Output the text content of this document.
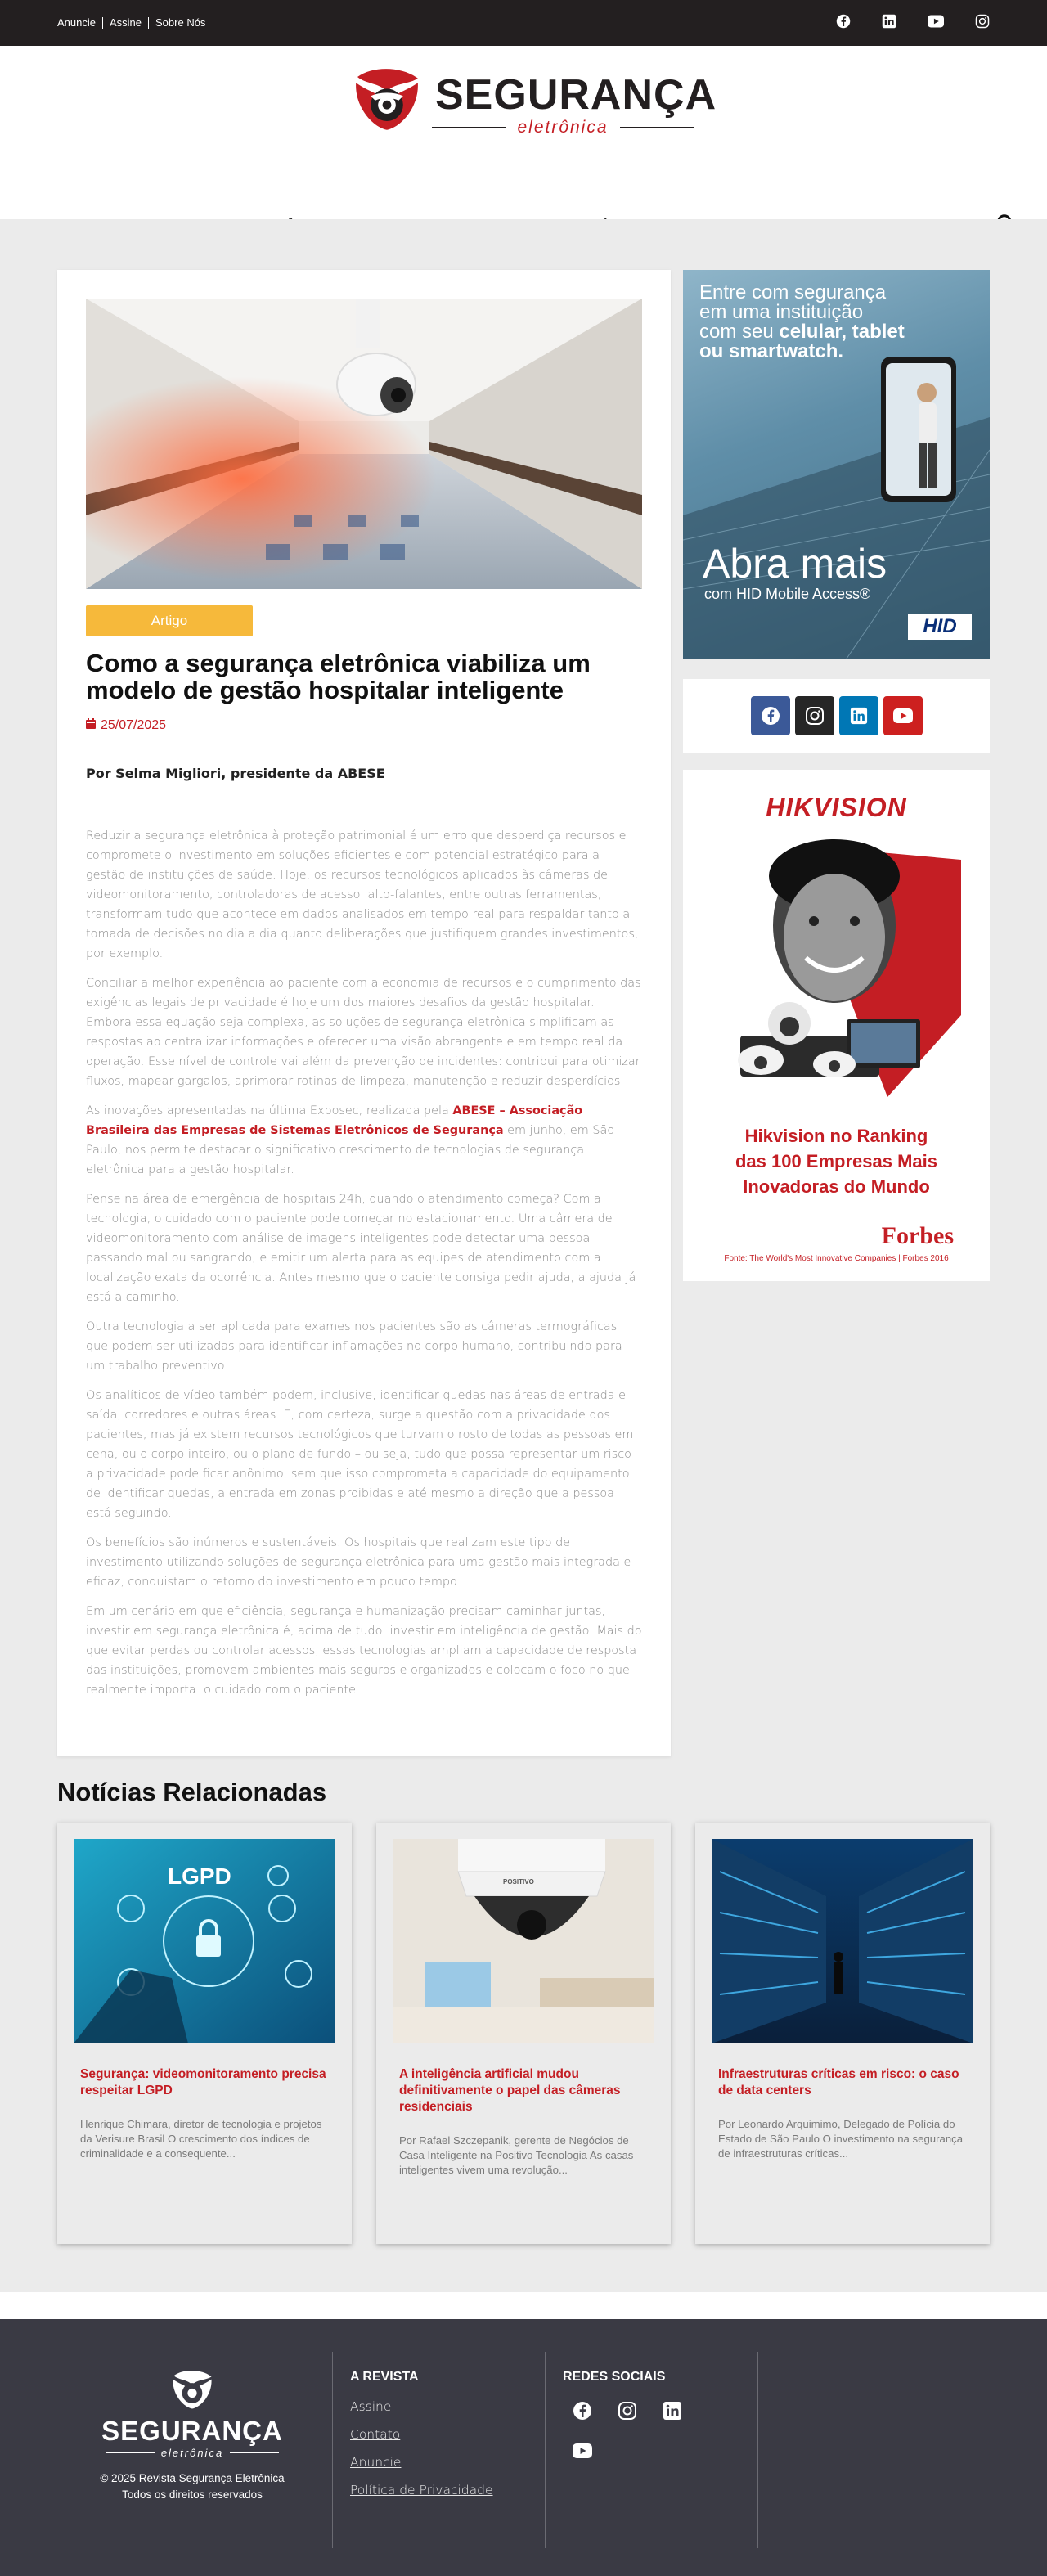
Anuncie	Assine	Sobre Nós
SEGURANÇA
eletrônica
Artigo
Como a segurança eletrônica viabiliza um modelo de gestão hospitalar inteligente
25/07/2025
Por Selma Migliori, presidente da ABESE

Reduzir a segurança eletrônica à proteção patrimonial é um erro que desperdiça recursos e compromete o investimento em soluções eficientes e com potencial estratégico para a gestão de instituições de saúde. Hoje, os recursos tecnológicos aplicados às câmeras de videomonitoramento, controladoras de acesso, alto-falantes, entre outras ferramentas, transformam tudo que acontece em dados analisados em tempo real para respaldar tanto a tomada de decisões no dia a dia quanto deliberações que justifiquem grandes investimentos, por exemplo.

Conciliar a melhor experiência ao paciente com a economia de recursos e o cumprimento das exigências legais de privacidade é hoje um dos maiores desafios da gestão hospitalar. Embora essa equação seja complexa, as soluções de segurança eletrônica simplificam as respostas ao centralizar informações e oferecer uma visão abrangente e em tempo real da operação. Esse nível de controle vai além da prevenção de incidentes: contribui para otimizar fluxos, mapear gargalos, aprimorar rotinas de limpeza, manutenção e reduzir desperdícios.

As inovações apresentadas na última Exposec, realizada pela ABESE – Associação Brasileira das Empresas de Sistemas Eletrônicos de Segurança em junho, em São Paulo, nos permite destacar o significativo crescimento de tecnologias de segurança eletrônica para a gestão hospitalar.

Pense na área de emergência de hospitais 24h, quando o atendimento começa? Com a tecnologia, o cuidado com o paciente pode começar no estacionamento. Uma câmera de videomonitoramento com análise de imagens inteligentes pode detectar uma pessoa passando mal ou sangrando, e emitir um alerta para as equipes de atendimento com a localização exata da ocorrência. Antes mesmo que o paciente consiga pedir ajuda, a ajuda já está a caminho.

Outra tecnologia a ser aplicada para exames nos pacientes são as câmeras termográficas que podem ser utilizadas para identificar inflamações no corpo humano, contribuindo para um trabalho preventivo.

Os analíticos de vídeo também podem, inclusive, identificar quedas nas áreas de entrada e saída, corredores e outras áreas. E, com certeza, surge a questão com a privacidade dos pacientes, mas já existem recursos tecnológicos que turvam o rosto de todas as pessoas em cena, ou o corpo inteiro, ou o plano de fundo – ou seja, tudo que possa representar um risco a privacidade pode ficar anônimo, sem que isso comprometa a capacidade do equipamento de identificar quedas, a entrada em zonas proibidas e até mesmo a direção que a pessoa está seguindo.

Os benefícios são inúmeros e sustentáveis. Os hospitais que realizam este tipo de investimento utilizando soluções de segurança eletrônica para uma gestão mais integrada e eficaz, conquistam o retorno do investimento em pouco tempo.

Em um cenário em que eficiência, segurança e humanização precisam caminhar juntas, investir em segurança eletrônica é, acima de tudo, investir em inteligência de gestão. Mais do que evitar perdas ou controlar acessos, essas tecnologias ampliam a capacidade de resposta das instituições, promovem ambientes mais seguros e organizados e colocam o foco no que realmente importa: o cuidado com o paciente.

Entre com segurança
em uma instituição
com seu celular, tablet
ou smartwatch.
Abra mais
com HID Mobile Access®
HID
HIKVISION
Hikvision no Ranking
das 100 Empresas Mais
Inovadoras do Mundo
Forbes
Fonte: The World's Most Innovative Companies | Forbes 2016
Notícias Relacionadas
LGPD
Segurança: videomonitoramento precisa respeitar LGPD
Henrique Chimara, diretor de tecnologia e projetos da Verisure Brasil O crescimento dos índices de criminalidade e a consequente...
POSITIVO
A inteligência artificial mudou definitivamente o papel das câmeras residenciais
Por Rafael Szczepanik, gerente de Negócios de Casa Inteligente na Positivo Tecnologia As casas inteligentes vivem uma revolução...
Infraestruturas críticas em risco: o caso de data centers
Por Leonardo Arquimimo, Delegado de Polícia do Estado de São Paulo O investimento na segurança de infraestruturas críticas...
SEGURANÇA
eletrônica
© 2025 Revista Segurança Eletrônica
Todos os direitos reservados
A REVISTA
Assine
Contato
Anuncie
Política de Privacidade
REDES SOCIAIS
